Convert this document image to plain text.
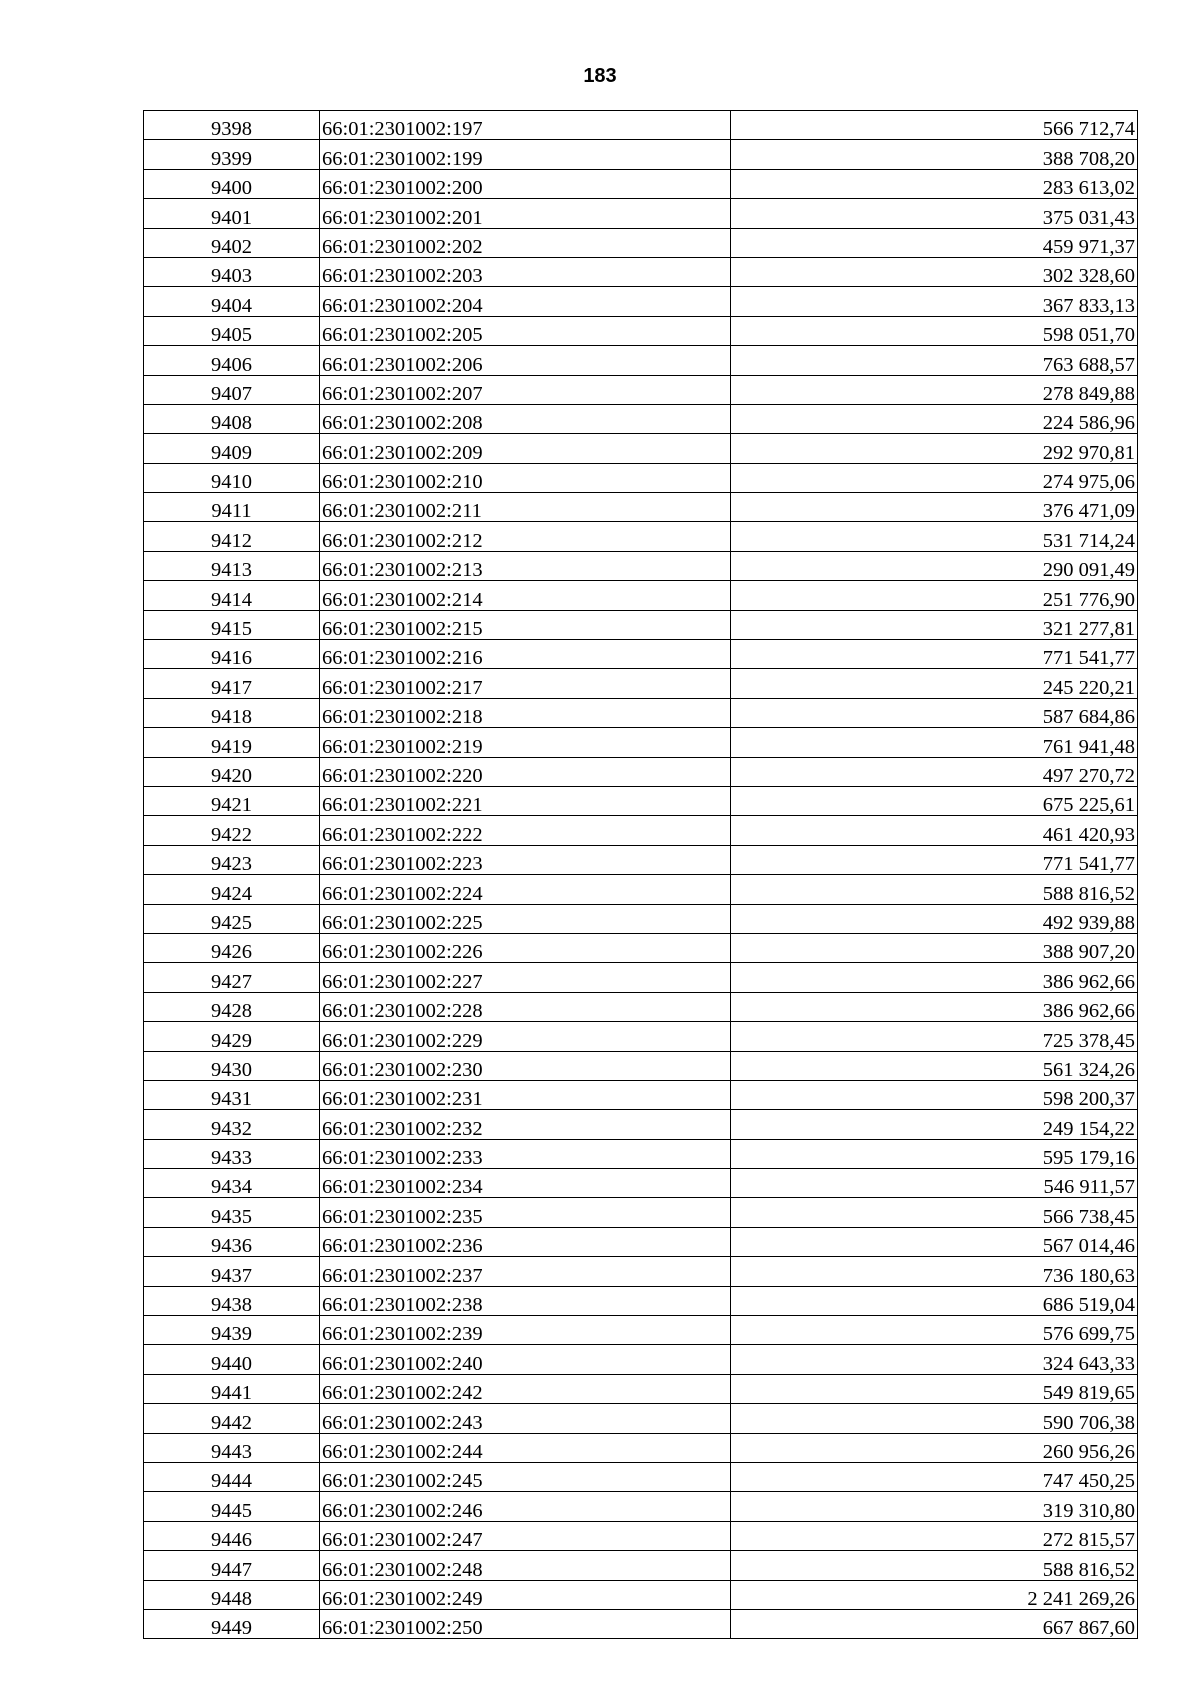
183
9398	66:01:2301002:197	566 712,74
9399	66:01:2301002:199	388 708,20
9400	66:01:2301002:200	283 613,02
9401	66:01:2301002:201	375 031,43
9402	66:01:2301002:202	459 971,37
9403	66:01:2301002:203	302 328,60
9404	66:01:2301002:204	367 833,13
9405	66:01:2301002:205	598 051,70
9406	66:01:2301002:206	763 688,57
9407	66:01:2301002:207	278 849,88
9408	66:01:2301002:208	224 586,96
9409	66:01:2301002:209	292 970,81
9410	66:01:2301002:210	274 975,06
9411	66:01:2301002:211	376 471,09
9412	66:01:2301002:212	531 714,24
9413	66:01:2301002:213	290 091,49
9414	66:01:2301002:214	251 776,90
9415	66:01:2301002:215	321 277,81
9416	66:01:2301002:216	771 541,77
9417	66:01:2301002:217	245 220,21
9418	66:01:2301002:218	587 684,86
9419	66:01:2301002:219	761 941,48
9420	66:01:2301002:220	497 270,72
9421	66:01:2301002:221	675 225,61
9422	66:01:2301002:222	461 420,93
9423	66:01:2301002:223	771 541,77
9424	66:01:2301002:224	588 816,52
9425	66:01:2301002:225	492 939,88
9426	66:01:2301002:226	388 907,20
9427	66:01:2301002:227	386 962,66
9428	66:01:2301002:228	386 962,66
9429	66:01:2301002:229	725 378,45
9430	66:01:2301002:230	561 324,26
9431	66:01:2301002:231	598 200,37
9432	66:01:2301002:232	249 154,22
9433	66:01:2301002:233	595 179,16
9434	66:01:2301002:234	546 911,57
9435	66:01:2301002:235	566 738,45
9436	66:01:2301002:236	567 014,46
9437	66:01:2301002:237	736 180,63
9438	66:01:2301002:238	686 519,04
9439	66:01:2301002:239	576 699,75
9440	66:01:2301002:240	324 643,33
9441	66:01:2301002:242	549 819,65
9442	66:01:2301002:243	590 706,38
9443	66:01:2301002:244	260 956,26
9444	66:01:2301002:245	747 450,25
9445	66:01:2301002:246	319 310,80
9446	66:01:2301002:247	272 815,57
9447	66:01:2301002:248	588 816,52
9448	66:01:2301002:249	2 241 269,26
9449	66:01:2301002:250	667 867,60
